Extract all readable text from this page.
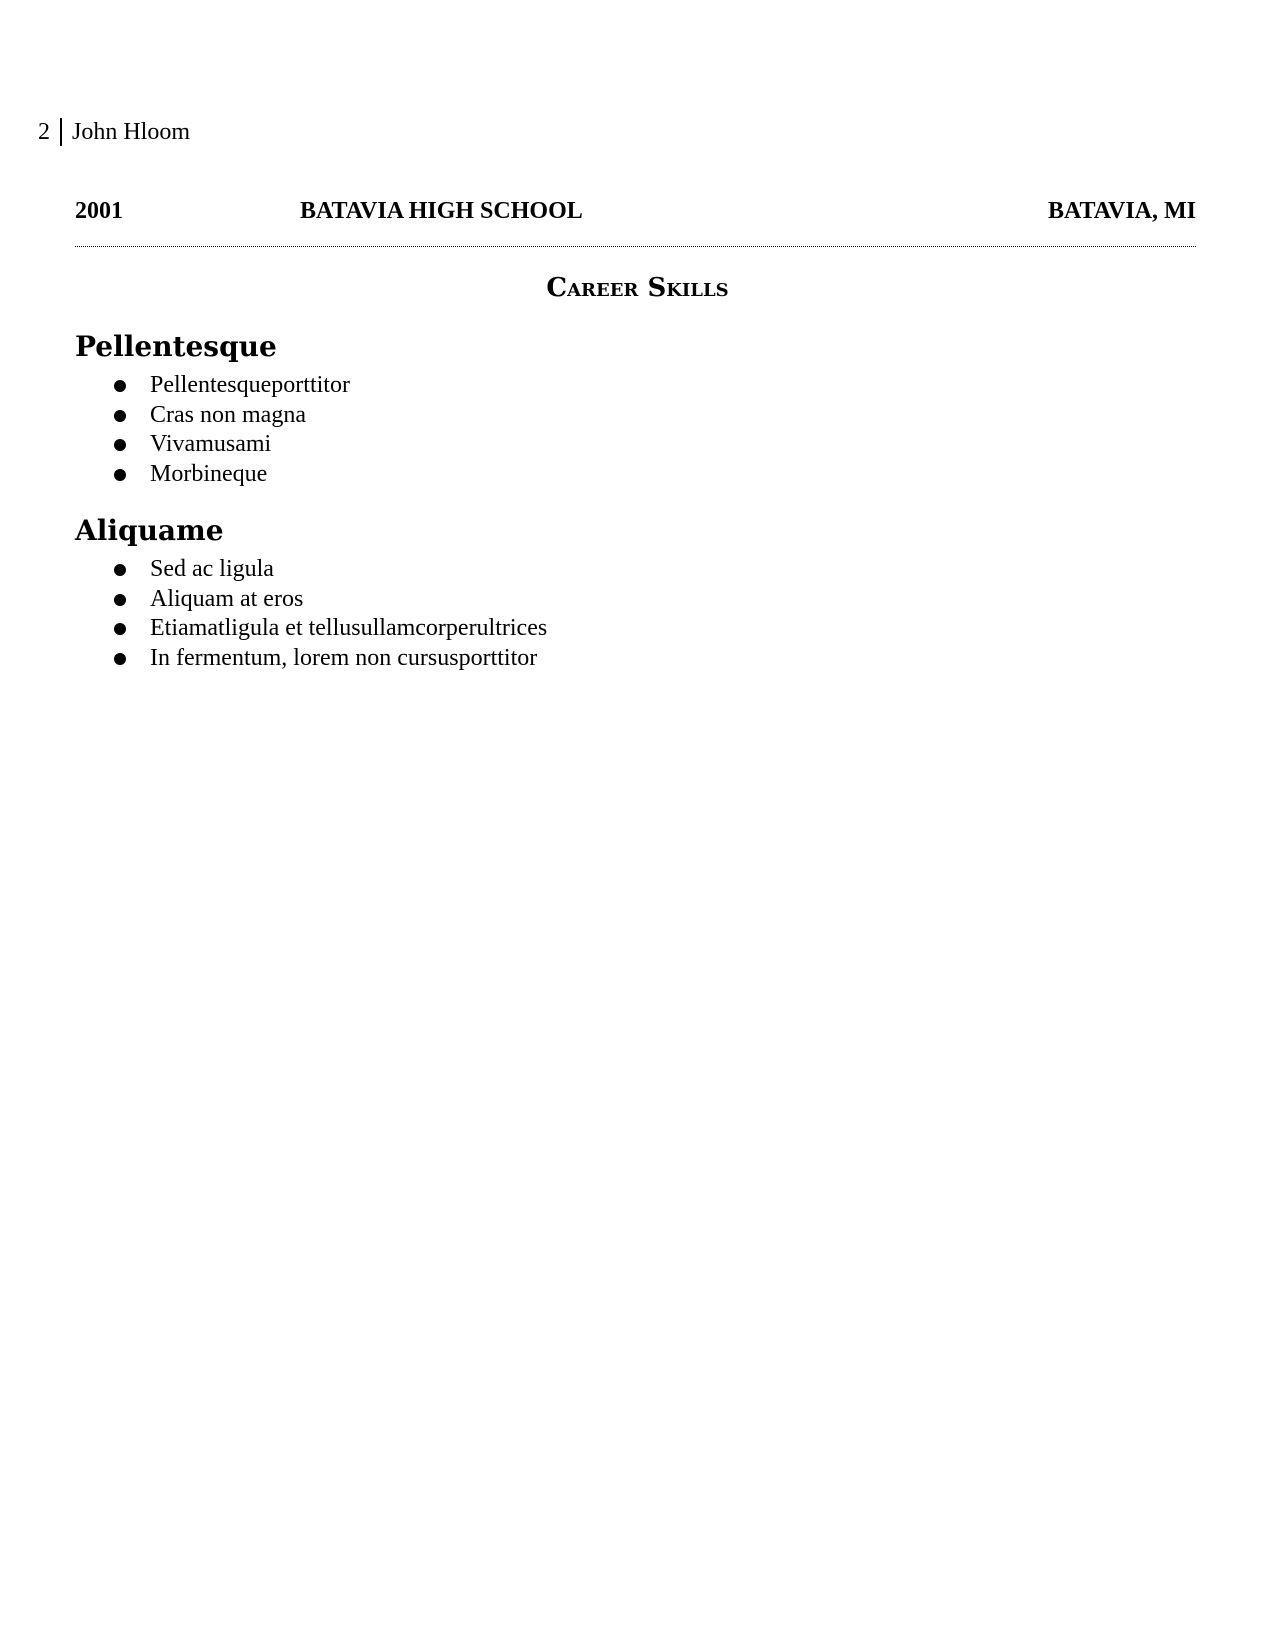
2 John Hloom
2001	BATAVIA HIGH SCHOOL	BATAVIA, MI
Career Skills
Pellentesque
Pellentesqueporttitor
Cras non magna
Vivamusami
Morbineque
Aliquame
Sed ac ligula
Aliquam at eros
Etiamatligula et tellusullamcorperultrices
In fermentum, lorem non cursusporttitor
